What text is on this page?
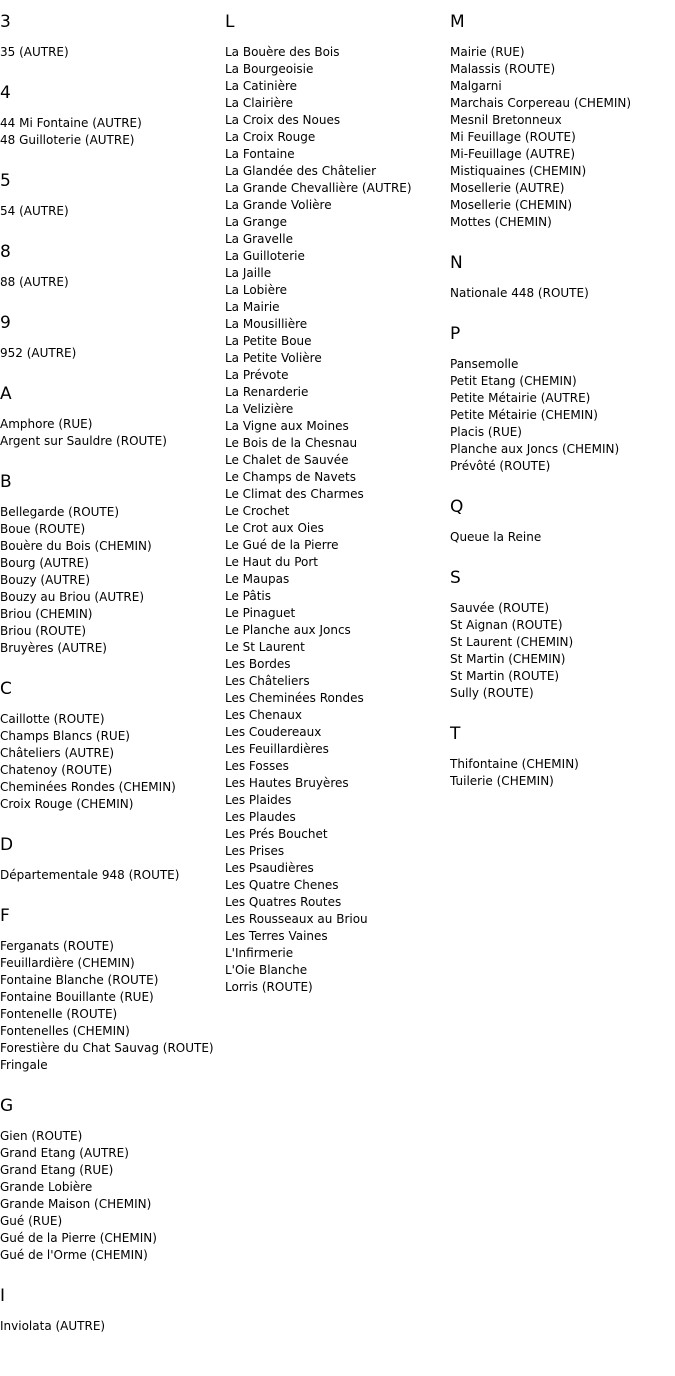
3
35 (AUTRE)
4
44 Mi Fontaine (AUTRE)
48 Guilloterie (AUTRE)
5
54 (AUTRE)
8
88 (AUTRE)
9
952 (AUTRE)
A
Amphore (RUE)
Argent sur Sauldre (ROUTE)
B
Bellegarde (ROUTE)
Boue (ROUTE)
Bouère du Bois (CHEMIN)
Bourg (AUTRE)
Bouzy (AUTRE)
Bouzy au Briou (AUTRE)
Briou (CHEMIN)
Briou (ROUTE)
Bruyères (AUTRE)
C
Caillotte (ROUTE)
Champs Blancs (RUE)
Châteliers (AUTRE)
Chatenoy (ROUTE)
Cheminées Rondes (CHEMIN)
Croix Rouge (CHEMIN)
D
Départementale 948 (ROUTE)
F
Ferganats (ROUTE)
Feuillardière (CHEMIN)
Fontaine Blanche (ROUTE)
Fontaine Bouillante (RUE)
Fontenelle (ROUTE)
Fontenelles (CHEMIN)
Forestière du Chat Sauvag (ROUTE)
Fringale
G
Gien (ROUTE)
Grand Etang (AUTRE)
Grand Etang (RUE)
Grande Lobière
Grande Maison (CHEMIN)
Gué (RUE)
Gué de la Pierre (CHEMIN)
Gué de l'Orme (CHEMIN)
I
Inviolata (AUTRE)
L
La Bouère des Bois
La Bourgeoisie
La Catinière
La Clairière
La Croix des Noues
La Croix Rouge
La Fontaine
La Glandée des Châtelier
La Grande Chevallière (AUTRE)
La Grande Volière
La Grange
La Gravelle
La Guilloterie
La Jaille
La Lobière
La Mairie
La Mousillière
La Petite Boue
La Petite Volière
La Prévote
La Renarderie
La Velizière
La Vigne aux Moines
Le Bois de la Chesnau
Le Chalet de Sauvée
Le Champs de Navets
Le Climat des Charmes
Le Crochet
Le Crot aux Oies
Le Gué de la Pierre
Le Haut du Port
Le Maupas
Le Pâtis
Le Pinaguet
Le Planche aux Joncs
Le St Laurent
Les Bordes
Les Châteliers
Les Cheminées Rondes
Les Chenaux
Les Coudereaux
Les Feuillardières
Les Fosses
Les Hautes Bruyères
Les Plaides
Les Plaudes
Les Prés Bouchet
Les Prises
Les Psaudières
Les Quatre Chenes
Les Quatres Routes
Les Rousseaux au Briou
Les Terres Vaines
L'Infirmerie
L'Oie Blanche
Lorris (ROUTE)
M
Mairie (RUE)
Malassis (ROUTE)
Malgarni
Marchais Corpereau (CHEMIN)
Mesnil Bretonneux
Mi Feuillage (ROUTE)
Mi-Feuillage (AUTRE)
Mistiquaines (CHEMIN)
Mosellerie (AUTRE)
Mosellerie (CHEMIN)
Mottes (CHEMIN)
N
Nationale 448 (ROUTE)
P
Pansemolle
Petit Etang (CHEMIN)
Petite Métairie (AUTRE)
Petite Métairie (CHEMIN)
Placis (RUE)
Planche aux Joncs (CHEMIN)
Prévôté (ROUTE)
Q
Queue la Reine
S
Sauvée (ROUTE)
St Aignan (ROUTE)
St Laurent (CHEMIN)
St Martin (CHEMIN)
St Martin (ROUTE)
Sully (ROUTE)
T
Thifontaine (CHEMIN)
Tuilerie (CHEMIN)
